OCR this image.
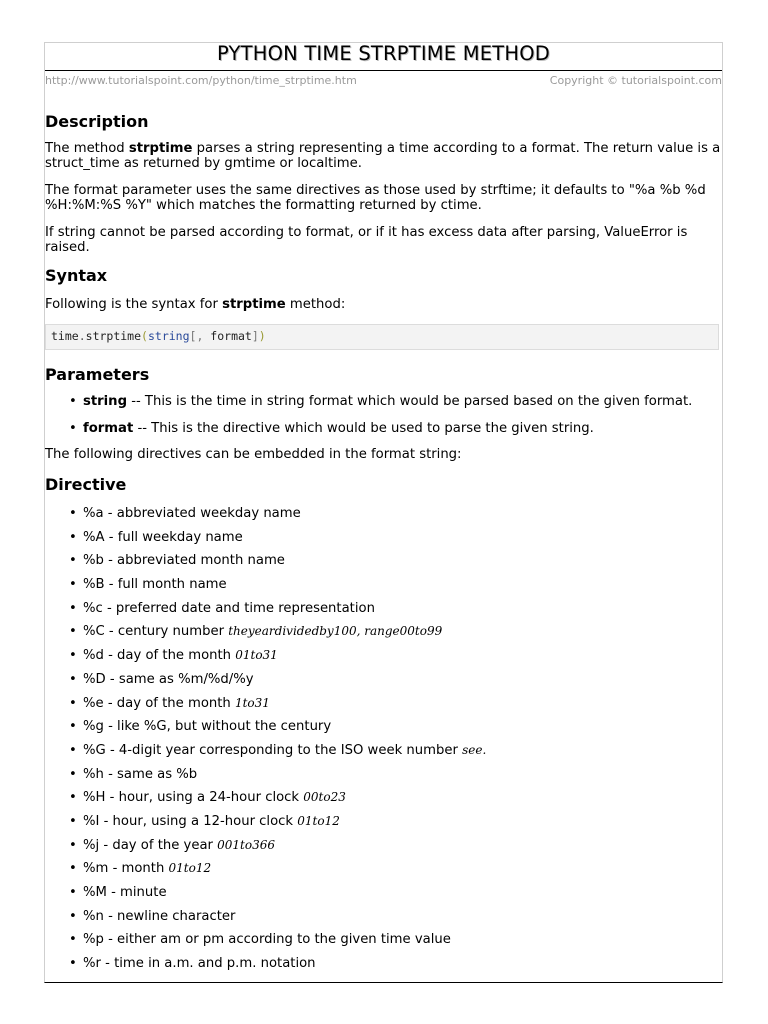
PYTHON TIME STRPTIME METHOD
http://www.tutorialspoint.com/python/time_strptime.htm	Copyright © tutorialspoint.com
Description

The method strptime parses a string representing a time according to a format. The return value is a struct_time as returned by gmtime or localtime.

The format parameter uses the same directives as those used by strftime; it defaults to "%a %b %d %H:%M:%S %Y" which matches the formatting returned by ctime.

If string cannot be parsed according to format, or if it has excess data after parsing, ValueError is raised.

Syntax

Following is the syntax for strptime method:

time.strptime(string[, format])
Parameters
• string -- This is the time in string format which would be parsed based on the given format.
• format -- This is the directive which would be used to parse the given string.

The following directives can be embedded in the format string:

Directive
• %a - abbreviated weekday name
• %A - full weekday name
• %b - abbreviated month name
• %B - full month name
• %c - preferred date and time representation
• %C - century number theyeardividedby100, range00to99
• %d - day of the month 01to31
• %D - same as %m/%d/%y
• %e - day of the month 1to31
• %g - like %G, but without the century
• %G - 4-digit year corresponding to the ISO week number see.
• %h - same as %b
• %H - hour, using a 24-hour clock 00to23
• %I - hour, using a 12-hour clock 01to12
• %j - day of the year 001to366
• %m - month 01to12
• %M - minute
• %n - newline character
• %p - either am or pm according to the given time value
• %r - time in a.m. and p.m. notation
